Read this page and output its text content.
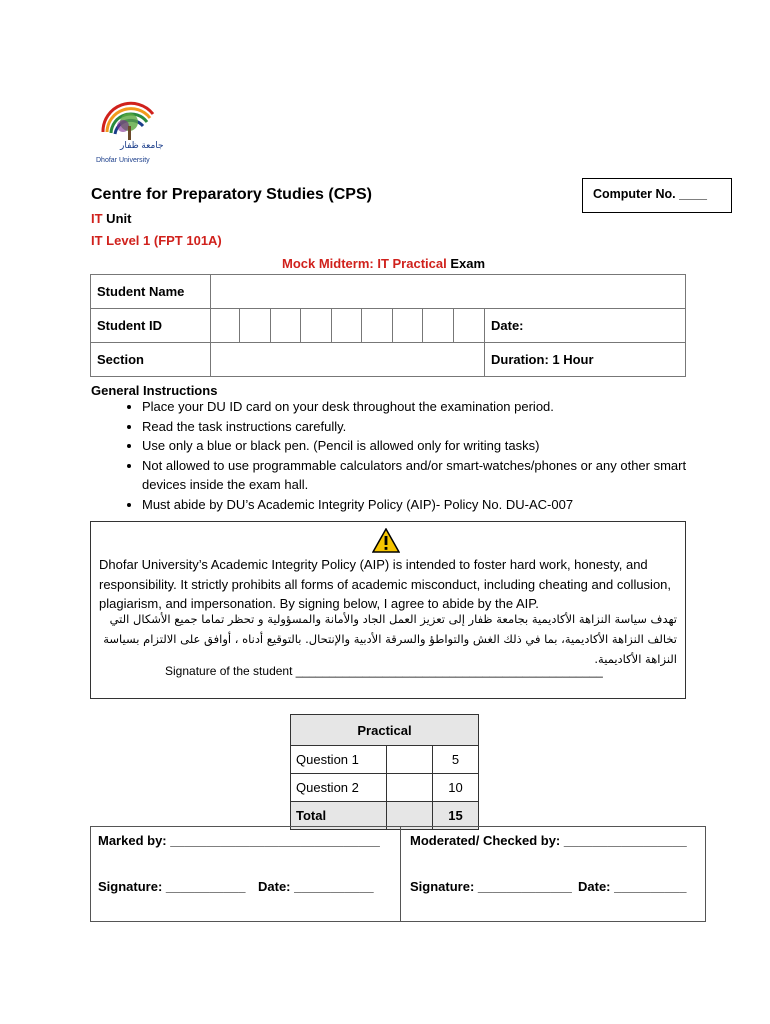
جامعة ظفار
Dhofar University
Centre for Preparatory Studies (CPS)	Computer No. ____
IT Unit
IT Level 1 (FPT 101A)
Mock Midterm: IT Practical Exam
Student Name										
Student ID										Date:
Section										Duration: 1 Hour
General Instructions
• Place your DU ID card on your desk throughout the examination period.
• Read the task instructions carefully.
• Use only a blue or black pen. (Pencil is allowed only for writing tasks)
• Not allowed to use programmable calculators and/or smart-watches/phones or any other smart devices inside the exam hall.
• Must abide by DU’s Academic Integrity Policy (AIP)- Policy No. DU-AC-007
Dhofar University’s Academic Integrity Policy (AIP) is intended to foster hard work, honesty, and responsibility. It strictly prohibits all forms of academic misconduct, including cheating and collusion, plagiarism, and impersonation. By signing below, I agree to abide by the AIP.
تهدف سياسة النزاهة الأكاديمية بجامعة ظفار إلى تعزيز العمل الجاد والأمانة والمسؤولية و تحظر تماما جميع الأشكال التي تخالف النزاهة الأكاديمية، بما في ذلك الغش والتواطؤ والسرقة الأدبية والإنتحال. بالتوقيع أدناه ، أوافق على الالتزام بسياسة النزاهة الأكاديمية.
Signature of the student ______________________________________________
Practical		
Question 1		5
Question 2		10
Total		15
Marked by: _____________________________ Moderated/ Checked by: _________________
Signature: ___________ Date: ___________	Signature: _____________ Date: __________
